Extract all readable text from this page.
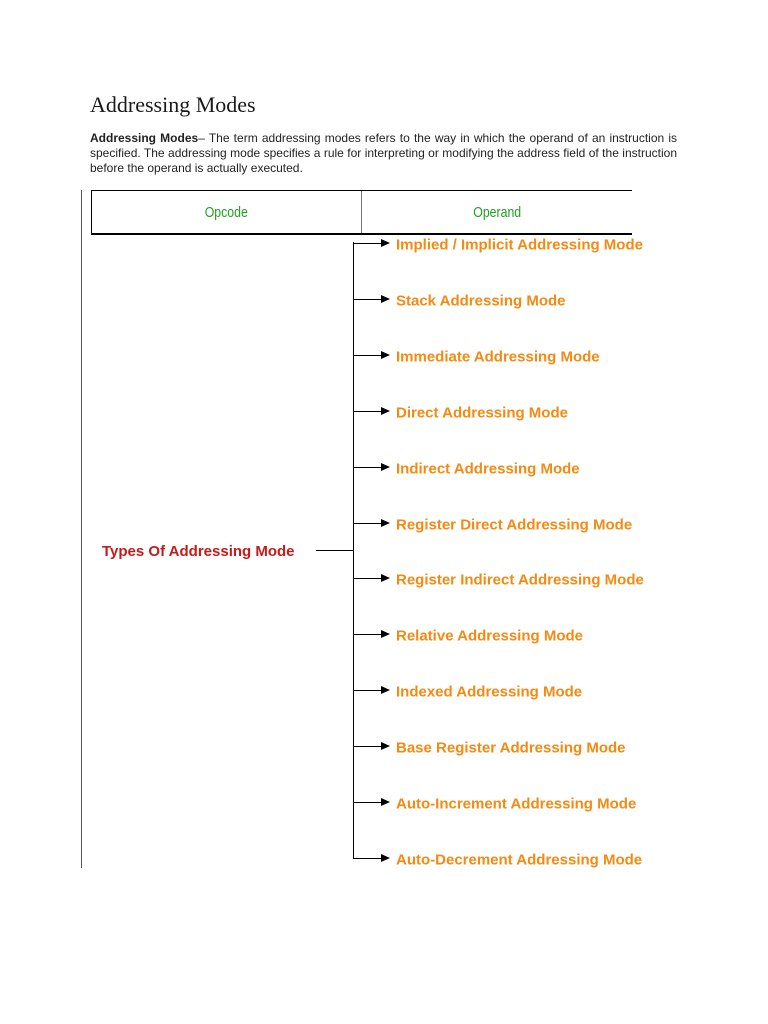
Addressing Modes

Addressing Modes– The term addressing modes refers to the way in which the operand of an instruction is specified. The addressing mode specifies a rule for interpreting or modifying the address field of the instruction before the operand is actually executed.

Opcode	Operand
Types Of Addressing Mode
Implied / Implicit Addressing Mode
Stack Addressing Mode
Immediate Addressing Mode
Direct Addressing Mode
Indirect Addressing Mode
Register Direct Addressing Mode
Register Indirect Addressing Mode
Relative Addressing Mode
Indexed Addressing Mode
Base Register Addressing Mode
Auto-Increment Addressing Mode
Auto-Decrement Addressing Mode
